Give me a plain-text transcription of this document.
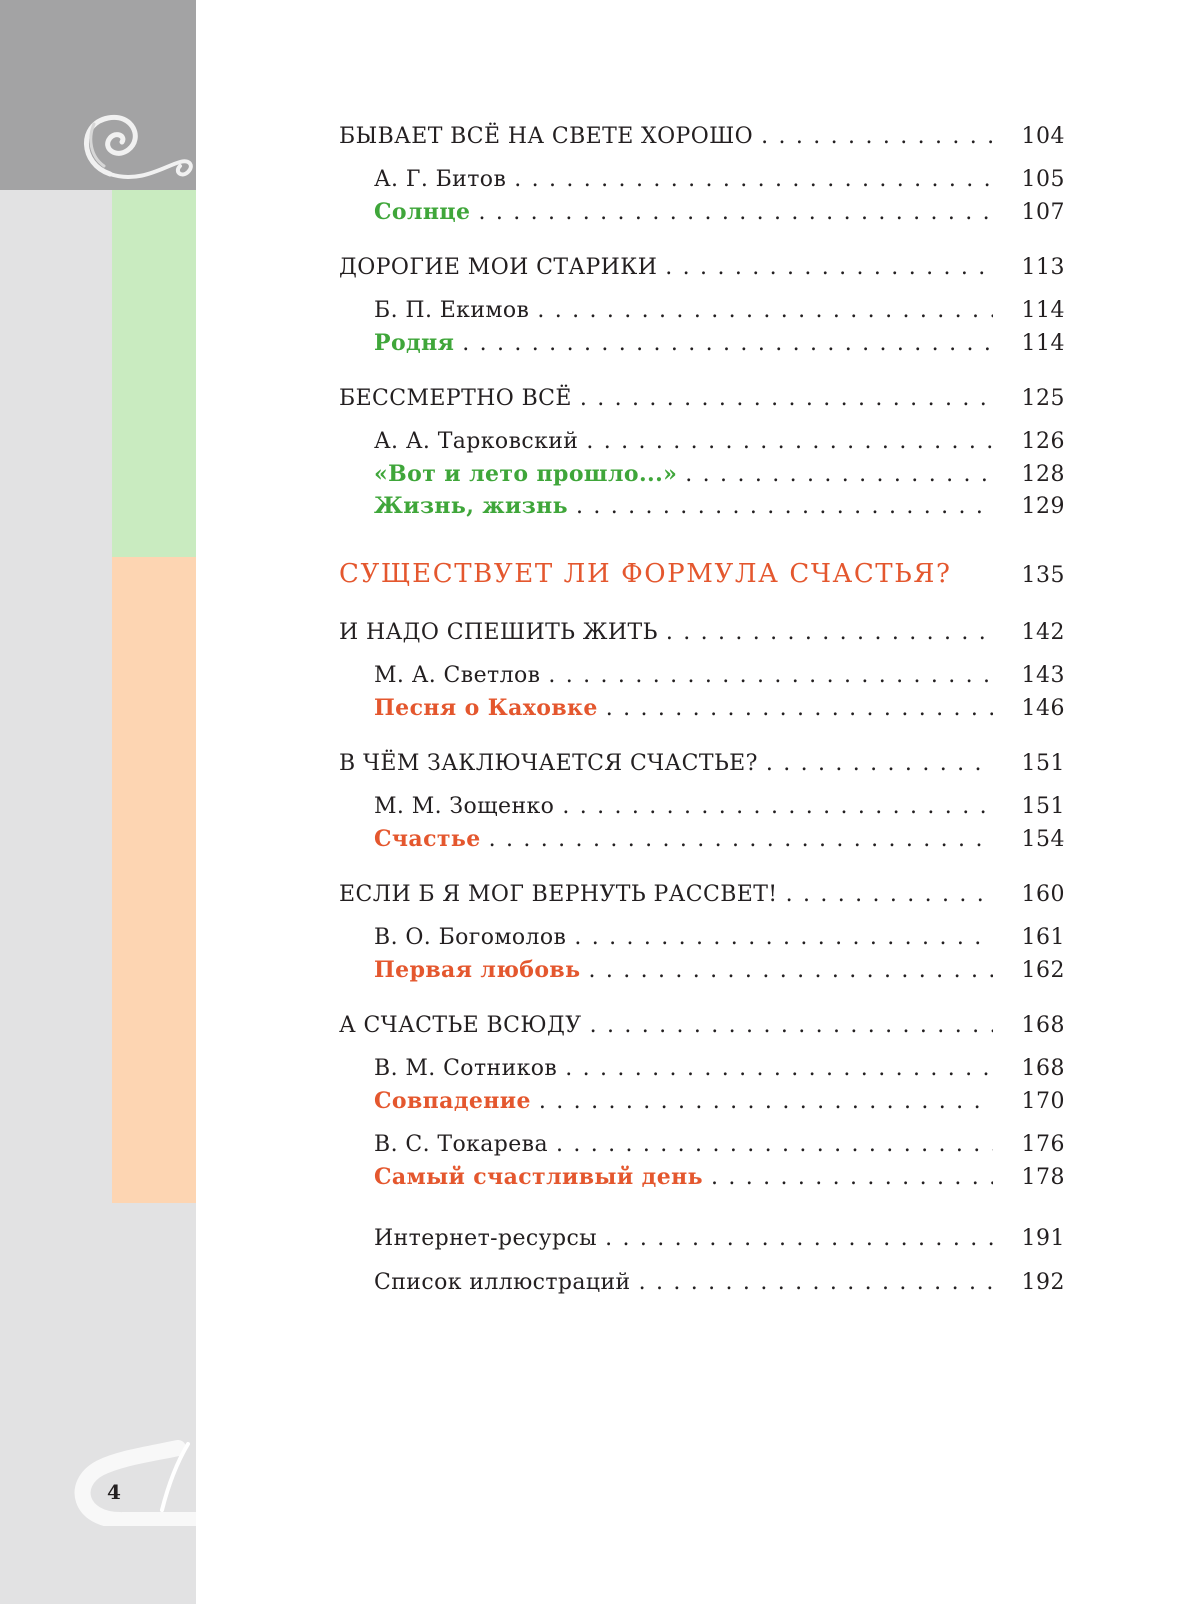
4
БЫВАЕТ ВСЁ НА СВЕТЕ ХОРОШО . . .	104
А. Г. Битов . . .	105
Солнце . . .	107
ДОРОГИЕ МОИ СТАРИКИ . . .	113
Б. П. Екимов . . .	114
Родня . . .	114
БЕССМЕРТНО ВСЁ . . .	125
А. А. Тарковский . . .	126
«Вот и лето прошло...» . . .	128
Жизнь, жизнь . . .	129
СУЩЕСТВУЕТ ЛИ ФОРМУЛА СЧАСТЬЯ?	135
И НАДО СПЕШИТЬ ЖИТЬ . . .	142
М. А. Светлов . . .	143
Песня о Каховке . . .	146
В ЧЁМ ЗАКЛЮЧАЕТСЯ СЧАСТЬЕ? . . .	151
М. М. Зощенко . . .	151
Счастье . . .	154
ЕСЛИ Б Я МОГ ВЕРНУТЬ РАССВЕТ! . . .	160
В. О. Богомолов . . .	161
Первая любовь . . .	162
А СЧАСТЬЕ ВСЮДУ . . .	168
В. М. Сотников . . .	168
Совпадение . . .	170
В. С. Токарева . . .	176
Самый счастливый день . . .	178
Интернет-ресурсы . . .	191
Список иллюстраций . . .	192
